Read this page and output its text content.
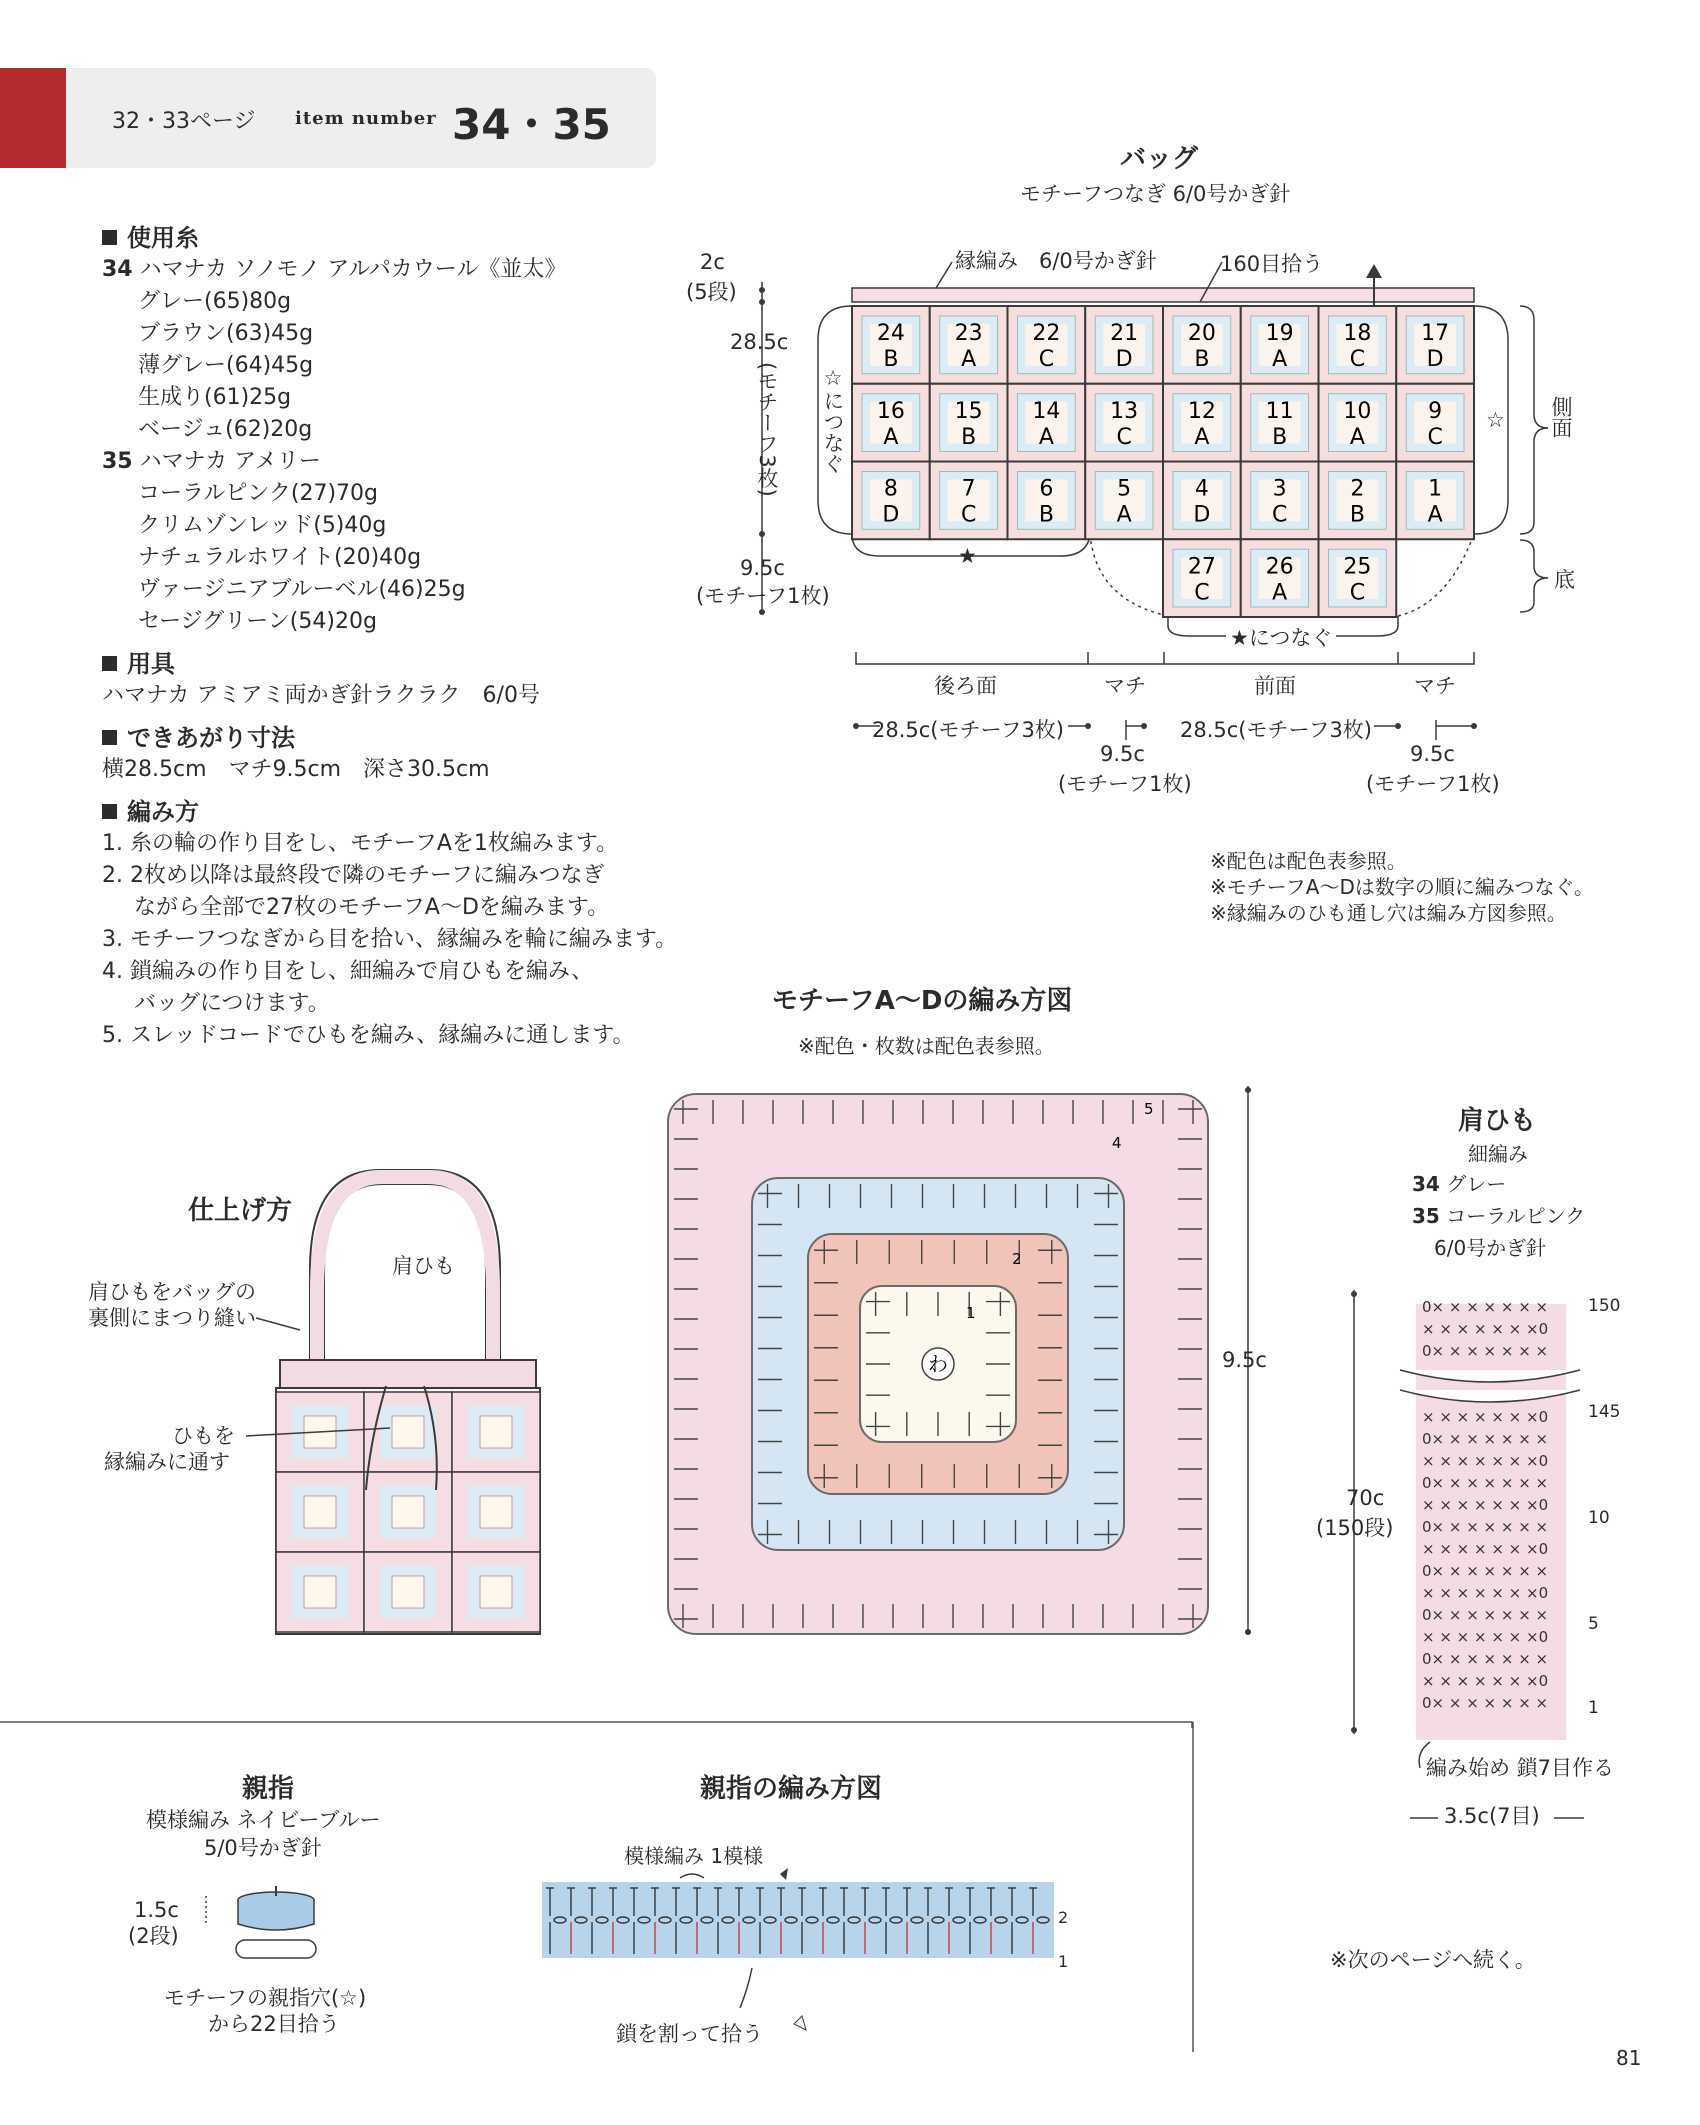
32・33ページ item number 34・35
使用糸
34 ハマナカ ソノモノ アルパカウール《並太》
グレー(65)80g
ブラウン(63)45g
薄グレー(64)45g
生成り(61)25g
ベージュ(62)20g
35 ハマナカ アメリー
コーラルピンク(27)70g
クリムゾンレッド(5)40g
ナチュラルホワイト(20)40g
ヴァージニアブルーベル(46)25g
セージグリーン(54)20g
用具
ハマナカ アミアミ両かぎ針ラクラク　6/0号
できあがり寸法
横28.5cm　マチ9.5cm　深さ30.5cm
編み方
1. 糸の輪の作り目をし、モチーフAを1枚編みます。
2. 2枚め以降は最終段で隣のモチーフに編みつなぎ
ながら全部で27枚のモチーフA〜Dを編みます。
3. モチーフつなぎから目を拾い、縁編みを輪に編みます。
4. 鎖編みの作り目をし、細編みで肩ひもを編み、
バッグにつけます。
5. スレッドコードでひもを編み、縁編みに通します。
バッグ
モチーフつなぎ 6/0号かぎ針
縁編み　6/0号かぎ針	160目拾う
24
B
23
A
22
C
21
D
20
B
19
A
18
C
17
D
16
A
15
B
14
A
13
C
12
A
11
B
10
A
9
C
8
D
7
C
6
B
5
A
4
D
3
C
2
B
1
A
27
C
26
A
25
C
2c
(5段)
28.5c
(モチーフ3枚)
9.5c
(モチーフ1枚)
☆につなぐ	☆
★
★につなぐ
側面
底
後ろ面	マチ	前面	マチ
28.5c(モチーフ3枚)	28.5c(モチーフ3枚)
9.5c
(モチーフ1枚)
9.5c
(モチーフ1枚)
※配色は配色表参照。
※モチーフA〜Dは数字の順に編みつなぐ。
※縁編みのひも通し穴は編み方図参照。
モチーフA〜Dの編み方図
※配色・枚数は配色表参照。
わ
1
2
4
5
9.5c
仕上げ方
肩ひも
肩ひもをバッグの
裏側にまつり縫い
ひもを
縁編みに通す
肩ひも
細編み
34 グレー
35 コーラルピンク
6/0号かぎ針
0× × × × × × ×
× × × × × × ×0
0× × × × × × ×
× × × × × × ×0
0× × × × × × ×
× × × × × × ×0
0× × × × × × ×
× × × × × × ×0
0× × × × × × ×
× × × × × × ×0
0× × × × × × ×
× × × × × × ×0
0× × × × × × ×
× × × × × × ×0
0× × × × × × ×
× × × × × × ×0
0× × × × × × ×
70c
(150段)
150
145
10
5
1
編み始め 鎖7目作る
3.5c(7目)
親指
模様編み ネイビーブルー
5/0号かぎ針
1.5c
(2段)
モチーフの親指穴(☆)
から22目拾う
親指の編み方図
模様編み 1模様
2
1
鎖を割って拾う
※次のページへ続く。
81
